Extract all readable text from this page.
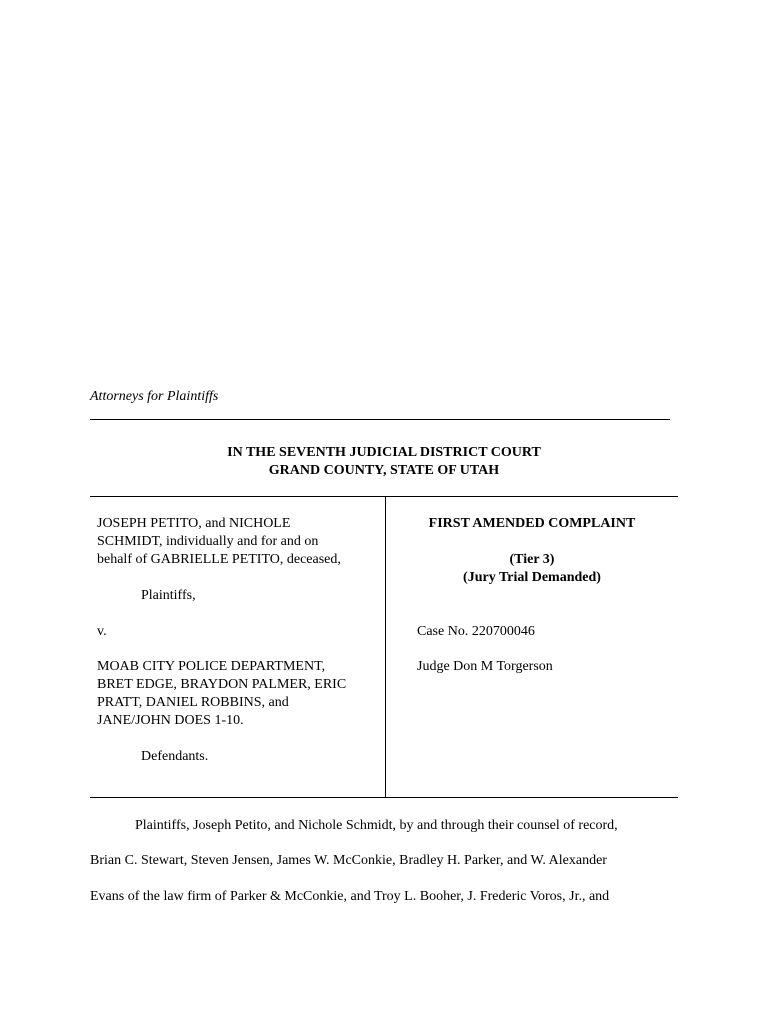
Attorneys for Plaintiffs
IN THE SEVENTH JUDICIAL DISTRICT COURT
GRAND COUNTY, STATE OF UTAH
JOSEPH PETITO, and NICHOLE
SCHMIDT, individually and for and on
behalf of GABRIELLE PETITO, deceased,
Plaintiffs,
v.
MOAB CITY POLICE DEPARTMENT,
BRET EDGE, BRAYDON PALMER, ERIC
PRATT, DANIEL ROBBINS, and
JANE/JOHN DOES 1-10.
Defendants.
FIRST AMENDED COMPLAINT
(Tier 3)
(Jury Trial Demanded)
Case No. 220700046
Judge Don M Torgerson
Plaintiffs, Joseph Petito, and Nichole Schmidt, by and through their counsel of record,
Brian C. Stewart, Steven Jensen, James W. McConkie, Bradley H. Parker, and W. Alexander
Evans of the law firm of Parker & McConkie, and Troy L. Booher, J. Frederic Voros, Jr., and
